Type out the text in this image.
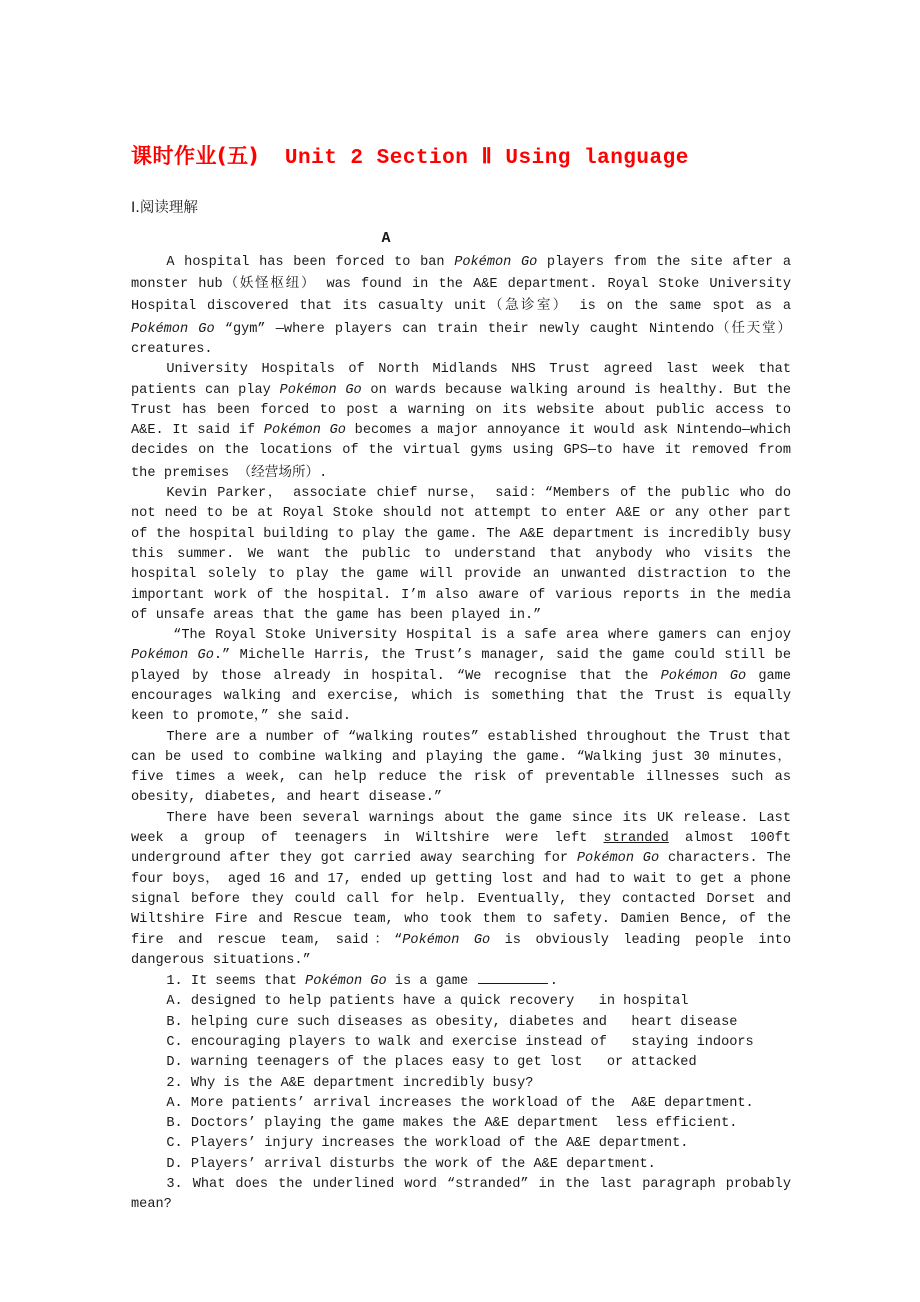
课时作业(五) Unit 2 Section Ⅱ Using language
Ⅰ.阅读理解
A

A hospital has been forced to ban Pokémon Go players from the site after a monster hub（妖怪枢纽） was found in the A&E department. Royal Stoke University Hospital discovered that its casualty unit（急诊室） is on the same spot as a Pokémon Go “gym” —where players can train their newly caught Nintendo（任天堂） creatures.

University Hospitals of North Midlands NHS Trust agreed last week that patients can play Pokémon Go on wards because walking around is healthy. But the Trust has been forced to post a warning on its website about public access to A&E. It said if Pokémon Go becomes a major annoyance it would ask Nintendo—which decides on the locations of the virtual gyms using GPS—to have it removed from the premises （经营场所）.

Kevin Parker， associate chief nurse， said：“Members of the public who do not need to be at Royal Stoke should not attempt to enter A&E or any other part of the hospital building to play the game. The A&E department is incredibly busy this summer. We want the public to understand that anybody who visits the hospital solely to play the game will provide an unwanted distraction to the important work of the hospital. I’m also aware of various reports in the media of unsafe areas that the game has been played in.”

“The Royal Stoke University Hospital is a safe area where gamers can enjoy Pokémon Go.” Michelle Harris, the Trust’s manager, said the game could still be played by those already in hospital. “We recognise that the Pokémon Go game encourages walking and exercise, which is something that the Trust is equally keen to promote，” she said.

There are a number of “walking routes” established throughout the Trust that can be used to combine walking and playing the game. “Walking just 30 minutes， five times a week, can help reduce the risk of preventable illnesses such as obesity, diabetes, and heart disease.”

There have been several warnings about the game since its UK release. Last week a group of teenagers in Wiltshire were left stranded almost 100ft underground after they got carried away searching for Pokémon Go characters. The four boys， aged 16 and 17, ended up getting lost and had to wait to get a phone signal before they could call for help. Eventually, they contacted Dorset and Wiltshire Fire and Rescue team, who took them to safety. Damien Bence, of the fire and rescue team, said：“Pokémon Go is obviously leading people into dangerous situations.”

1. It seems that Pokémon Go is a game	.

A. designed to help patients have a quick recovery   in hospital

B. helping cure such diseases as obesity, diabetes and   heart disease

C. encouraging players to walk and exercise instead of   staying indoors

D. warning teenagers of the places easy to get lost   or attacked

2. Why is the A&E department incredibly busy?

A. More patients’ arrival increases the workload of the  A&E department.

B. Doctors’ playing the game makes the A&E department  less efficient.

C. Players’ injury increases the workload of the A&E department.

D. Players’ arrival disturbs the work of the A&E department.

3. What does the underlined word “stranded” in the last paragraph probably mean?
